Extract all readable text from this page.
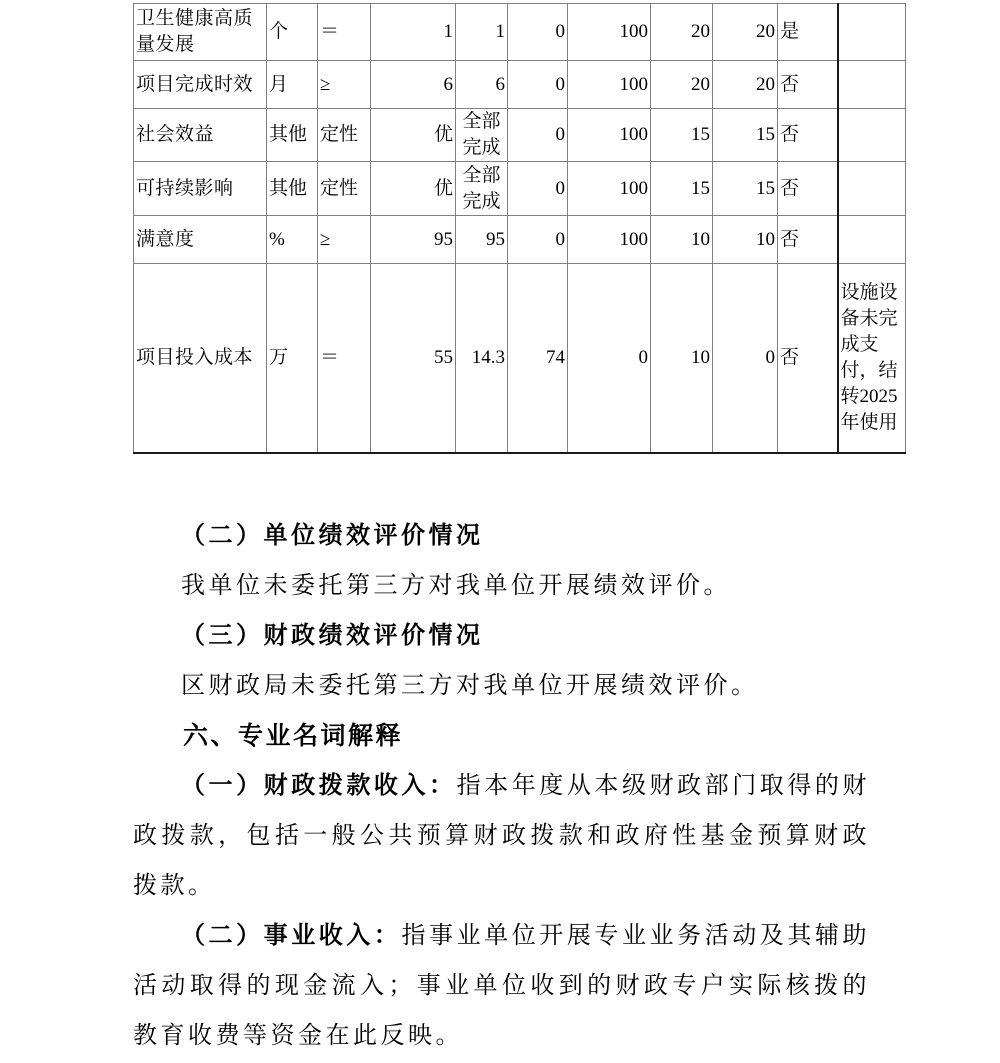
卫生健康高质量发展	个	＝	1	1	0	100	20	20	是	
项目完成时效	月	≥	6	6	0	100	20	20	否	
社会效益	其他	定性	优	全部完成	0	100	15	15	否	
可持续影响	其他	定性	优	全部完成	0	100	15	15	否	
满意度	%	≥	95	95	0	100	10	10	否	
项目投入成本	万	＝	55	14.3	74	0	10	0	否	设施设备未完成支付，结转2025年使用

（二）单位绩效评价情况

我单位未委托第三方对我单位开展绩效评价。

（三）财政绩效评价情况

区财政局未委托第三方对我单位开展绩效评价。

六、专业名词解释

（一）财政拨款收入：指本年度从本级财政部门取得的财政拨款，包括一般公共预算财政拨款和政府性基金预算财政拨款。

（二）事业收入：指事业单位开展专业业务活动及其辅助活动取得的现金流入；事业单位收到的财政专户实际核拨的教育收费等资金在此反映。
